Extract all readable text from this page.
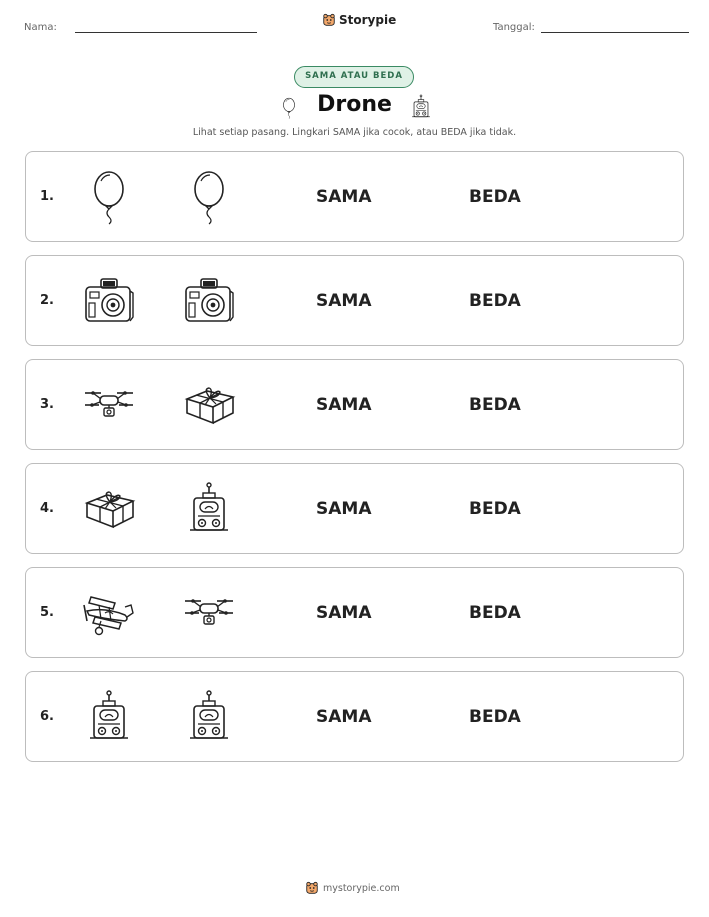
Nama:
Storypie
Tanggal:
SAMA ATAU BEDA
Drone
Lihat setiap pasang. Lingkari SAMA jika cocok, atau BEDA jika tidak.
1.	SAMA	BEDA
2.	SAMA	BEDA
3.	SAMA	BEDA
4.	SAMA	BEDA
5.	SAMA	BEDA
6.	SAMA	BEDA
mystorypie.com
